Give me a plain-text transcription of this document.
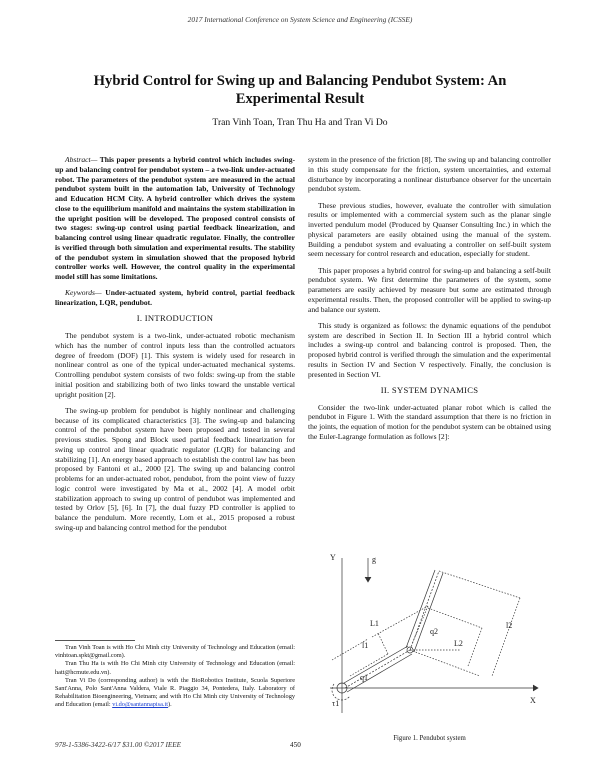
2017 International Conference on System Science and Engineering (ICSSE)
Hybrid Control for Swing up and Balancing Pendubot System: An Experimental Result
Tran Vinh Toan, Tran Thu Ha and Tran Vi Do

Abstract— This paper presents a hybrid control which includes swing-up and balancing control for pendubot system – a two-link under-actuated robot. The parameters of the pendubot system are measured in the actual pendubot system built in the automation lab, University of Technology and Education HCM City. A hybrid controller which drives the system close to the equilibrium manifold and maintains the system stabilization in the upright position will be developed. The proposed control consists of two stages: swing-up control using partial feedback linearization, and balancing control using linear quadratic regulator. Finally, the controller is verified through both simulation and experimental results. The stability of the pendubot system in simulation showed that the proposed hybrid controller works well. However, the control quality in the experimental model still has some limitations.

Keywords— Under-actuated system, hybrid control, partial feedback linearization, LQR, pendubot.

I. INTRODUCTION

The pendubot system is a two-link, under-actuated robotic mechanism which has the number of control inputs less than the controlled actuators degree of freedom (DOF) [1]. This system is widely used for research in nonlinear control as one of the typical under-actuated mechanical systems. Controlling pendubot system consists of two folds: swing-up from the stable initial position and stabilizing both of two links toward the unstable vertical upright position [2].

The swing-up problem for pendubot is highly nonlinear and challenging because of its complicated characteristics [3]. The swing-up and balancing control of the pendubot system have been proposed and tested in several previous studies. Spong and Block used partial feedback linearization for swing up control and linear quadratic regulator (LQR) for balancing and stabilizing [1]. An energy based approach to establish the control law has been proposed by Fantoni et al., 2000 [2]. The swing up and balancing control problems for an under-actuated robot, pendubot, from the point view of fuzzy logic control were investigated by Ma et al., 2002 [4]. A model orbit stabilization approach to swing up control of pendubot was implemented and tested by Orlov [5], [6]. In [7], the dual fuzzy PD controller is applied to balance the pendulum. More recently, Lom et al., 2015 proposed a robust swing-up and balancing control method for the pendubot

Tran Vinh Toan is with Ho Chi Minh city University of Technology and Education (email: vinhtoan.spkt@gmail.com).

Tran Thu Ha is with Ho Chi Minh city University of Technology and Education (email: hatt@hcmute.edu.vn).

Tran Vi Do (corresponding author) is with the BioRobotics Institute, Scuola Superiore Sant'Anna, Polo Sant'Anna Valdera, Viale R. Piaggio 34, Pontedera, Italy. Laboratory of Rehabilitation Bioengineering, Vietnam; and with Ho Chi Minh city University of Technology and Education (email: vi.do@santannapisa.it).

system in the presence of the friction [8]. The swing up and balancing controller in this study compensate for the friction, system uncertainties, and external disturbance by incorporating a nonlinear disturbance observer for the uncertain pendubot system.

These previous studies, however, evaluate the controller with simulation results or implemented with a commercial system such as the planar single inverted pendulum model (Produced by Quanser Consulting Inc.) in which the physical parameters are easily obtained using the manual of the system. Building a pendubot system and evaluating a controller on self-built system seem necessary for control research and education, especially for student.

This paper proposes a hybrid control for swing-up and balancing a self-built pendubot system. We first determine the parameters of the system, some parameters are easily achieved by measure but some are estimated through experimental results. Then, the proposed controller will be applied to swing-up and balance our system.

This study is organized as follows: the dynamic equations of the pendubot system are described in Section II. In Section III a hybrid control which includes a swing-up control and balancing control is proposed. Then, the proposed hybrid control is verified through the simulation and the experimental results in Section IV and Section V respectively. Finally, the conclusion is presented in Section VI.

II. SYSTEM DYNAMICS

Consider the two-link under-actuated planar robot which is called the pendubot in Figure 1. With the standard assumption that there is no friction in the joints, the equation of motion for the pendubot system can be obtained using the Euler-Lagrange formulation as follows [2]:

Y
X
g
L1
l1
q1
q2
L2
l2
τ1
Figure 1. Pendubot system
978-1-5386-3422-6/17 $31.00 ©2017 IEEE	450
